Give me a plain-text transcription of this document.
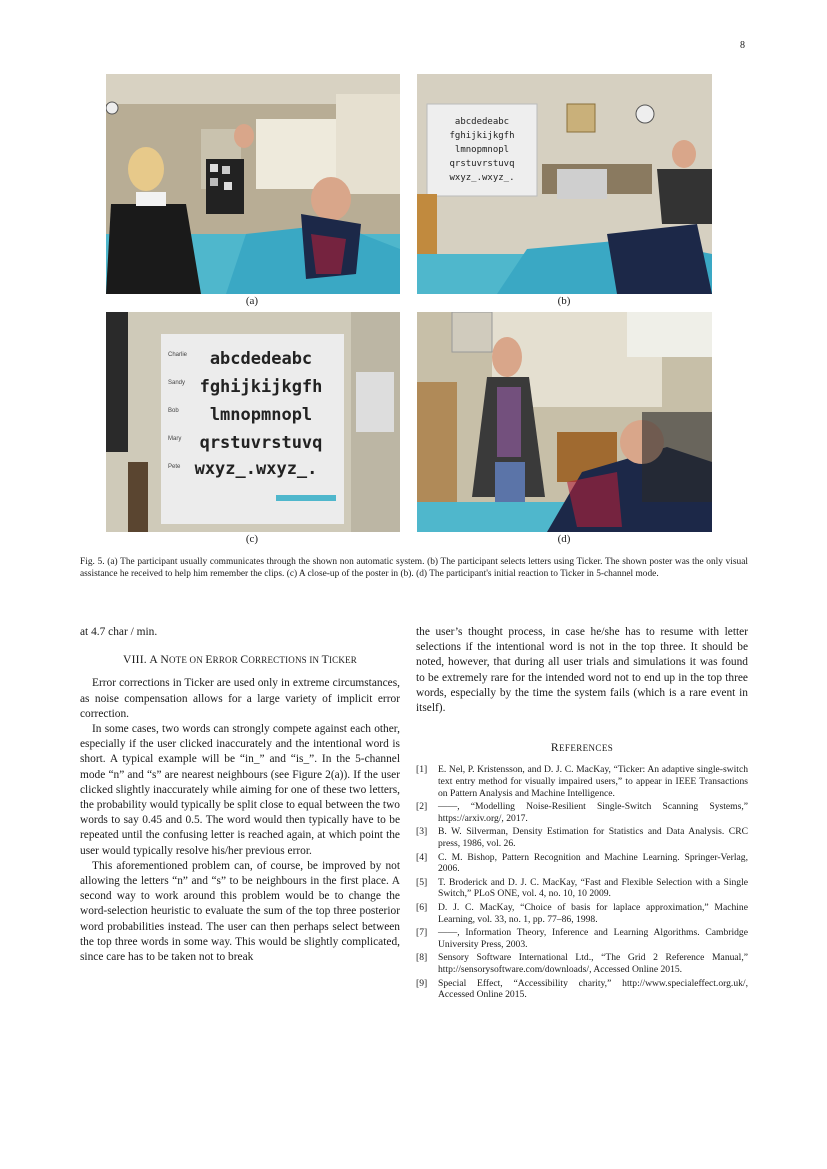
8
abcdedeabc
fghijkijkgfh
lmnopmnopl
qrstuvrstuvq
wxyz_.wxyz_.
(a)	(b)
Charlie
Sandy
Bob
Mary
Pete
abcdedeabc
fghijkijkgfh
lmnopmnopl
qrstuvrstuvq
wxyz_.wxyz_.
(c)	(d)
Fig. 5. (a) The participant usually communicates through the shown non automatic system. (b) The participant selects letters using Ticker. The shown poster was the only visual assistance he received to help him remember the clips. (c) A close-up of the poster in (b). (d) The participant's initial reaction to Ticker in 5-channel mode.

at 4.7 char / min.

VIII. A NOTE ON ERROR CORRECTIONS IN TICKER

Error corrections in Ticker are used only in extreme circumstances, as noise compensation allows for a large variety of implicit error correction.

In some cases, two words can strongly compete against each other, especially if the user clicked inaccurately and the intentional word is short. A typical example will be “in_” and “is_”. In the 5-channel mode “n” and “s” are nearest neighbours (see Figure 2(a)). If the user clicked slightly inaccurately while aiming for one of these two letters, the probability would typically be split close to equal between the two words to say 0.45 and 0.5. The word would then typically have to be repeated until the confusing letter is reached again, at which point the user would typically resolve his/her previous error.

This aforementioned problem can, of course, be improved by not allowing the letters “n” and “s” to be neighbours in the first place. A second way to work around this problem would be to change the word-selection heuristic to evaluate the sum of the top three posterior word probabilities instead. The user can then perhaps select between the top three words in some way. This would be slightly complicated, since care has to be taken not to break

the user’s thought process, in case he/she has to resume with letter selections if the intentional word is not in the top three. It should be noted, however, that during all user trials and simulations it was found to be extremely rare for the intended word not to end up in the top three words, especially by the time the system fails (which is a rare event in itself).

REFERENCES
[1]	E. Nel, P. Kristensson, and D. J. C. MacKay, “Ticker: An adaptive single-switch text entry method for visually impaired users,” to appear in IEEE Transactions on Pattern Analysis and Machine Intelligence.
[2]	——, “Modelling Noise-Resilient Single-Switch Scanning Systems,” https://arxiv.org/, 2017.
[3]	B. W. Silverman, Density Estimation for Statistics and Data Analysis. CRC press, 1986, vol. 26.
[4]	C. M. Bishop, Pattern Recognition and Machine Learning. Springer-Verlag, 2006.
[5]	T. Broderick and D. J. C. MacKay, “Fast and Flexible Selection with a Single Switch,” PLoS ONE, vol. 4, no. 10, 10 2009.
[6]	D. J. C. MacKay, “Choice of basis for laplace approximation,” Machine Learning, vol. 33, no. 1, pp. 77–86, 1998.
[7]	——, Information Theory, Inference and Learning Algorithms. Cambridge University Press, 2003.
[8]	Sensory Software International Ltd., “The Grid 2 Reference Manual,” http://sensorysoftware.com/downloads/, Accessed Online 2015.
[9]	Special Effect, “Accessibility charity,” http://www.specialeffect.org.uk/, Accessed Online 2015.
